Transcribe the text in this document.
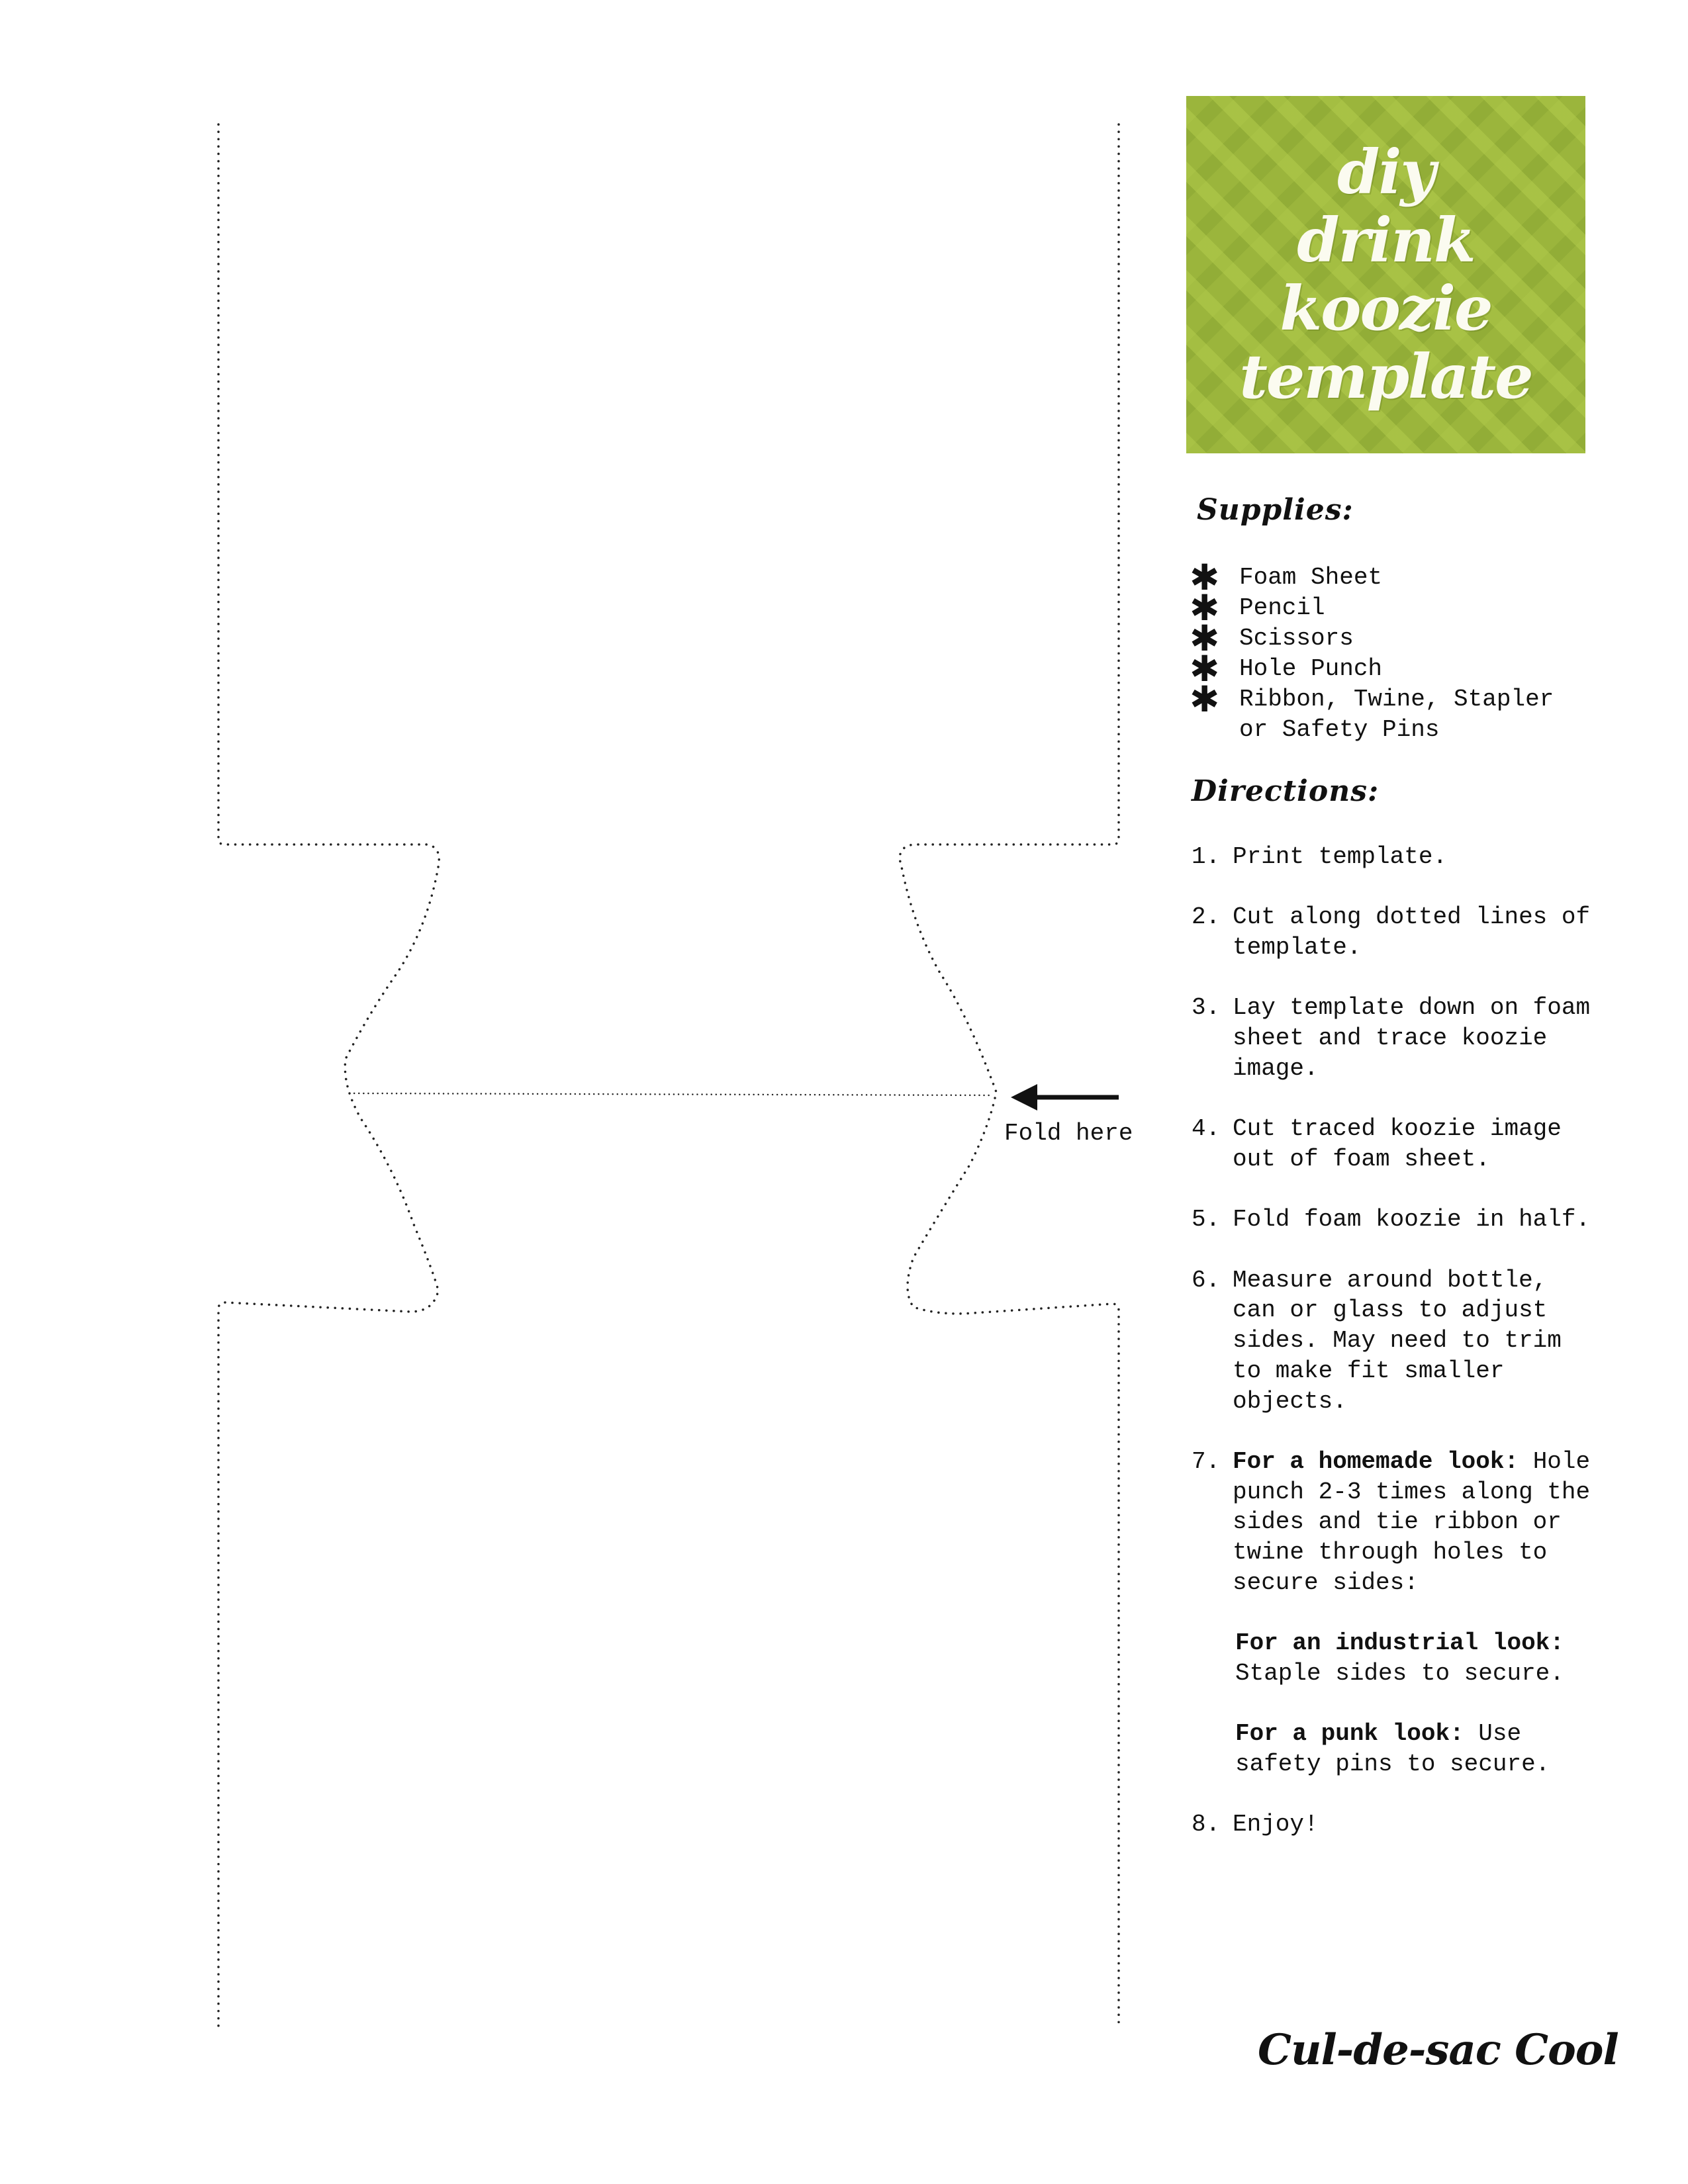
diy
drink koozie
template
Supplies:
✱ Foam Sheet
✱ Pencil
✱ Scissors
✱ Hole Punch
✱ Ribbon, Twine, Stapler
or Safety Pins
Directions:
1. Print template.
2. Cut along dotted lines of template.
3. Lay template down on foam sheet and trace koozie image.
4. Cut traced koozie image out of foam sheet.
5. Fold foam koozie in half.
6. Measure around bottle, can or glass to adjust sides. May need to trim to make fit smaller objects.
7. For a homemade look: Hole punch 2-3 times along the sides and tie ribbon or twine through holes to secure sides:
For an industrial look: Staple sides to secure.
For a punk look: Use safety pins to secure.
8. Enjoy!
Fold here
Cul-de-sac Cool
